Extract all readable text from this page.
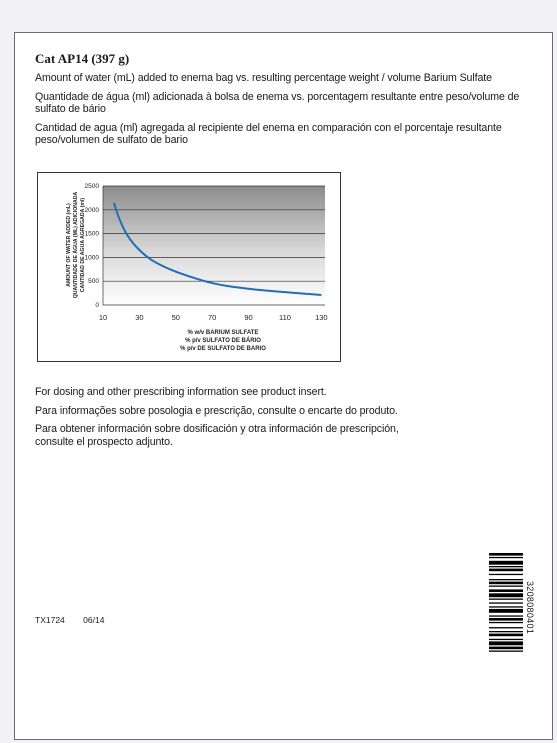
Cat AP14 (397 g)

Amount of water (mL) added to enema bag vs. resulting percentage weight / volume Barium Sulfate

Quantidade de água (ml) adicionada à bolsa de enema vs. porcentagem resultante entre peso/volume de sulfato de bário

Cantidad de agua (ml) agregada al recipiente del enema en comparación con el porcentaje resultante peso/volumen de sulfato de bario

0
500
1000
1500
2000
2500
10	30	50	70	90	110	130
AMOUNT OF WATER ADDED (mL) QUANTIDADE DE ÁGUA (ML) ADICIONADA CANTIDAD DE AGUA AGREGADA (ml)
% w/v BARIUM SULFATE
% p/v SULFATO DE BÁRIO
% p/v DE SULFATO DE BARIO

For dosing and other prescribing information see product insert.

Para informações sobre posologia e prescrição, consulte o encarte do produto.

Para obtener información sobre dosificación y otra información de prescripción, consulte el prospecto adjunto.

TX1724 06/14	3208080401
